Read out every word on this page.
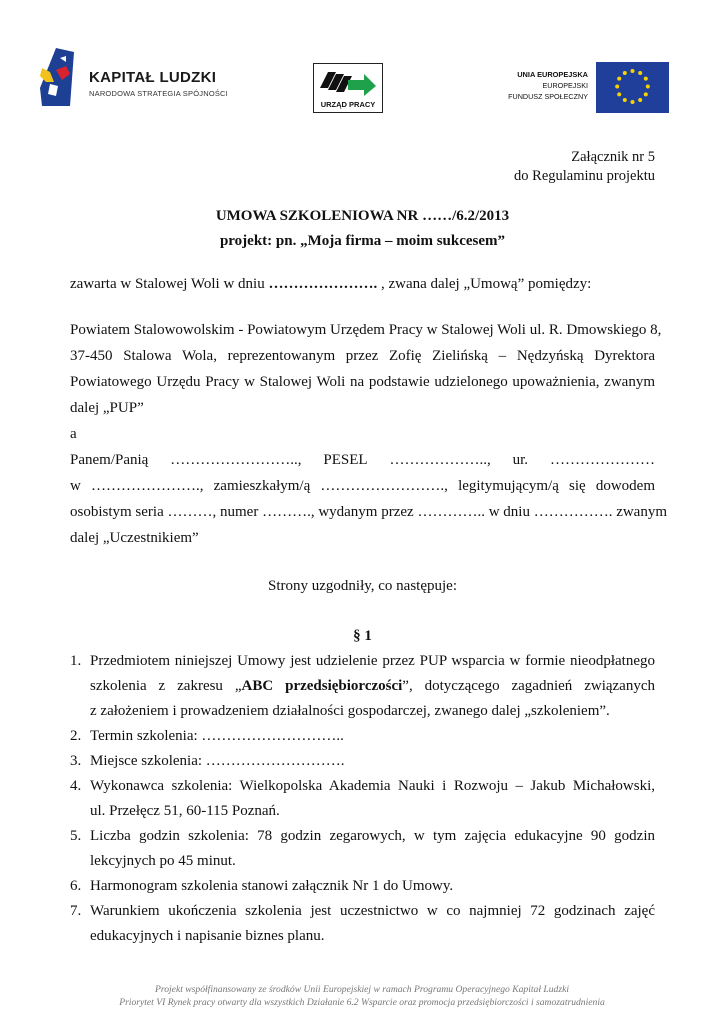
KAPITAŁ LUDZKI
NARODOWA STRATEGIA SPÓJNOŚCI
URZĄD PRACY
UNIA EUROPEJSKA
EUROPEJSKI
FUNDUSZ SPOŁECZNY
Załącznik nr 5
do Regulaminu projektu
UMOWA SZKOLENIOWA NR ……/6.2/2013
projekt: pn. „Moja firma – moim sukcesem”
zawarta w Stalowej Woli w dniu …………………. , zwana dalej „Umową” pomiędzy:
Powiatem Stalowowolskim - Powiatowym Urzędem Pracy w Stalowej Woli ul. R. Dmowskiego 8,
37-450 Stalowa Wola, reprezentowanym przez Zofię Zielińską – Nędzyńską Dyrektora
Powiatowego Urzędu Pracy w Stalowej Woli na podstawie udzielonego upoważnienia, zwanym
dalej „PUP”
a
Panem/Panią …………………….., PESEL ……………….., ur. …………………
w …………………., zamieszkałym/ą ……………………., legitymującym/ą się dowodem
osobistym seria ………, numer ………., wydanym przez ………….. w dniu ……………. zwanym
dalej „Uczestnikiem”
Strony uzgodniły, co następuje:
§ 1
1. Przedmiotem niniejszej Umowy jest udzielenie przez PUP wsparcia w formie nieodpłatnego
szkolenia z zakresu „ABC przedsiębiorczości”, dotyczącego zagadnień związanych
z założeniem i prowadzeniem działalności gospodarczej, zwanego dalej „szkoleniem”.
2. Termin szkolenia: ………………………..
3. Miejsce szkolenia: ……………………….
4. Wykonawca szkolenia: Wielkopolska Akademia Nauki i Rozwoju – Jakub Michałowski,
ul. Przełęcz 51, 60-115 Poznań.
5. Liczba godzin szkolenia: 78 godzin zegarowych, w tym zajęcia edukacyjne 90 godzin
lekcyjnych po 45 minut.
6. Harmonogram szkolenia stanowi załącznik Nr 1 do Umowy.
7. Warunkiem ukończenia szkolenia jest uczestnictwo w co najmniej 72 godzinach zajęć
edukacyjnych i napisanie biznes planu.
Projekt współfinansowany ze środków Unii Europejskiej w ramach Programu Operacyjnego Kapitał Ludzki
Priorytet VI Rynek pracy otwarty dla wszystkich Działanie 6.2 Wsparcie oraz promocja przedsiębiorczości i samozatrudnienia
